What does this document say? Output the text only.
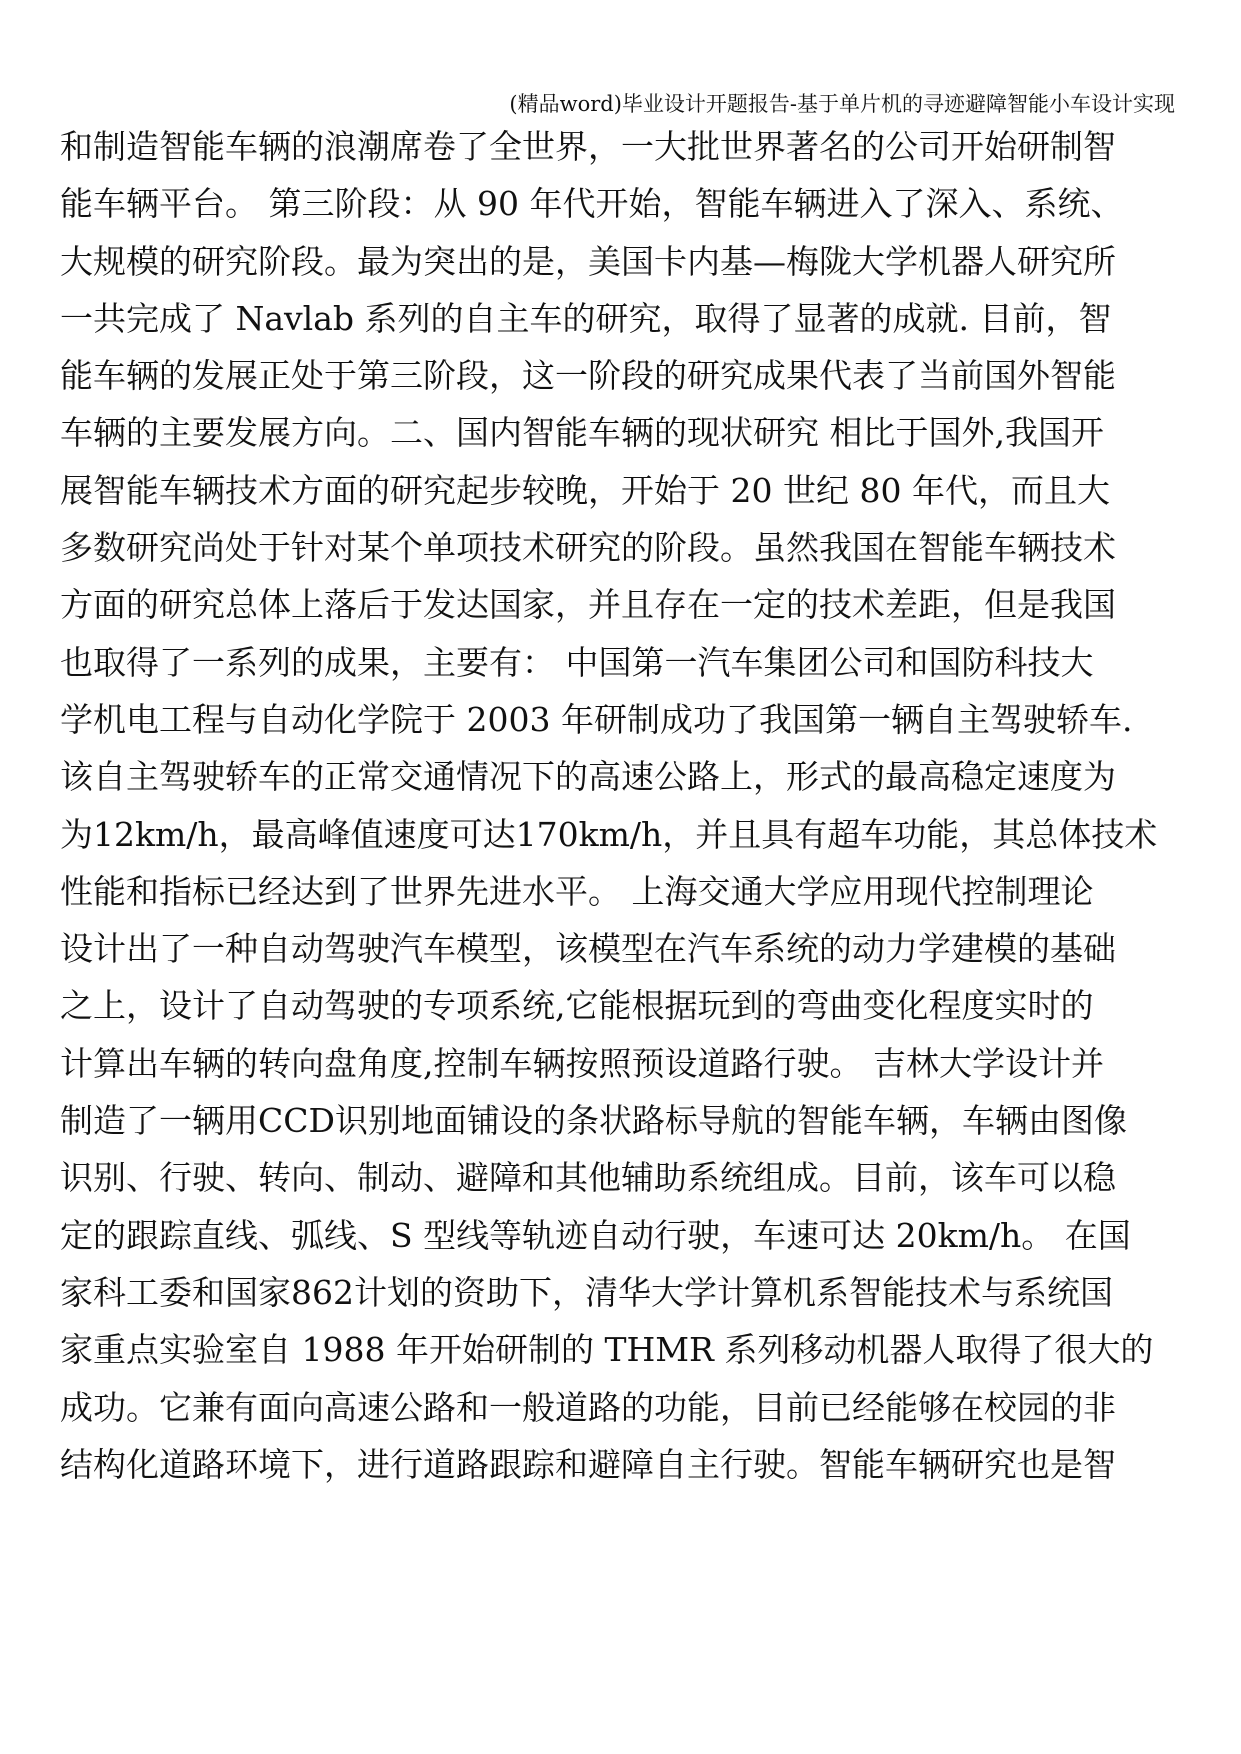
(精品word)毕业设计开题报告-基于单片机的寻迹避障智能小车设计实现
和制造智能车辆的浪潮席卷了全世界，一大批世界著名的公司开始研制智
能车辆平台。 第三阶段：从 90 年代开始，智能车辆进入了深入、系统、
大规模的研究阶段。最为突出的是，美国卡内基—梅陇大学机器人研究所
一共完成了 Navlab 系列的自主车的研究，取得了显著的成就. 目前，智
能车辆的发展正处于第三阶段，这一阶段的研究成果代表了当前国外智能
车辆的主要发展方向。二、国内智能车辆的现状研究 相比于国外,我国开
展智能车辆技术方面的研究起步较晚，开始于 20 世纪 80 年代，而且大
多数研究尚处于针对某个单项技术研究的阶段。虽然我国在智能车辆技术
方面的研究总体上落后于发达国家，并且存在一定的技术差距，但是我国
也取得了一系列的成果，主要有： 中国第一汽车集团公司和国防科技大
学机电工程与自动化学院于 2003 年研制成功了我国第一辆自主驾驶轿车.
该自主驾驶轿车的正常交通情况下的高速公路上，形式的最高稳定速度为
为12km/h，最高峰值速度可达170km/h，并且具有超车功能，其总体技术
性能和指标已经达到了世界先进水平。 上海交通大学应用现代控制理论
设计出了一种自动驾驶汽车模型，该模型在汽车系统的动力学建模的基础
之上，设计了自动驾驶的专项系统,它能根据玩到的弯曲变化程度实时的
计算出车辆的转向盘角度,控制车辆按照预设道路行驶。 吉林大学设计并
制造了一辆用CCD识别地面铺设的条状路标导航的智能车辆，车辆由图像
识别、行驶、转向、制动、避障和其他辅助系统组成。目前，该车可以稳
定的跟踪直线、弧线、S 型线等轨迹自动行驶，车速可达 20km/h。 在国
家科工委和国家862计划的资助下，清华大学计算机系智能技术与系统国
家重点实验室自 1988 年开始研制的 THMR 系列移动机器人取得了很大的
成功。它兼有面向高速公路和一般道路的功能，目前已经能够在校园的非
结构化道路环境下，进行道路跟踪和避障自主行驶。智能车辆研究也是智
